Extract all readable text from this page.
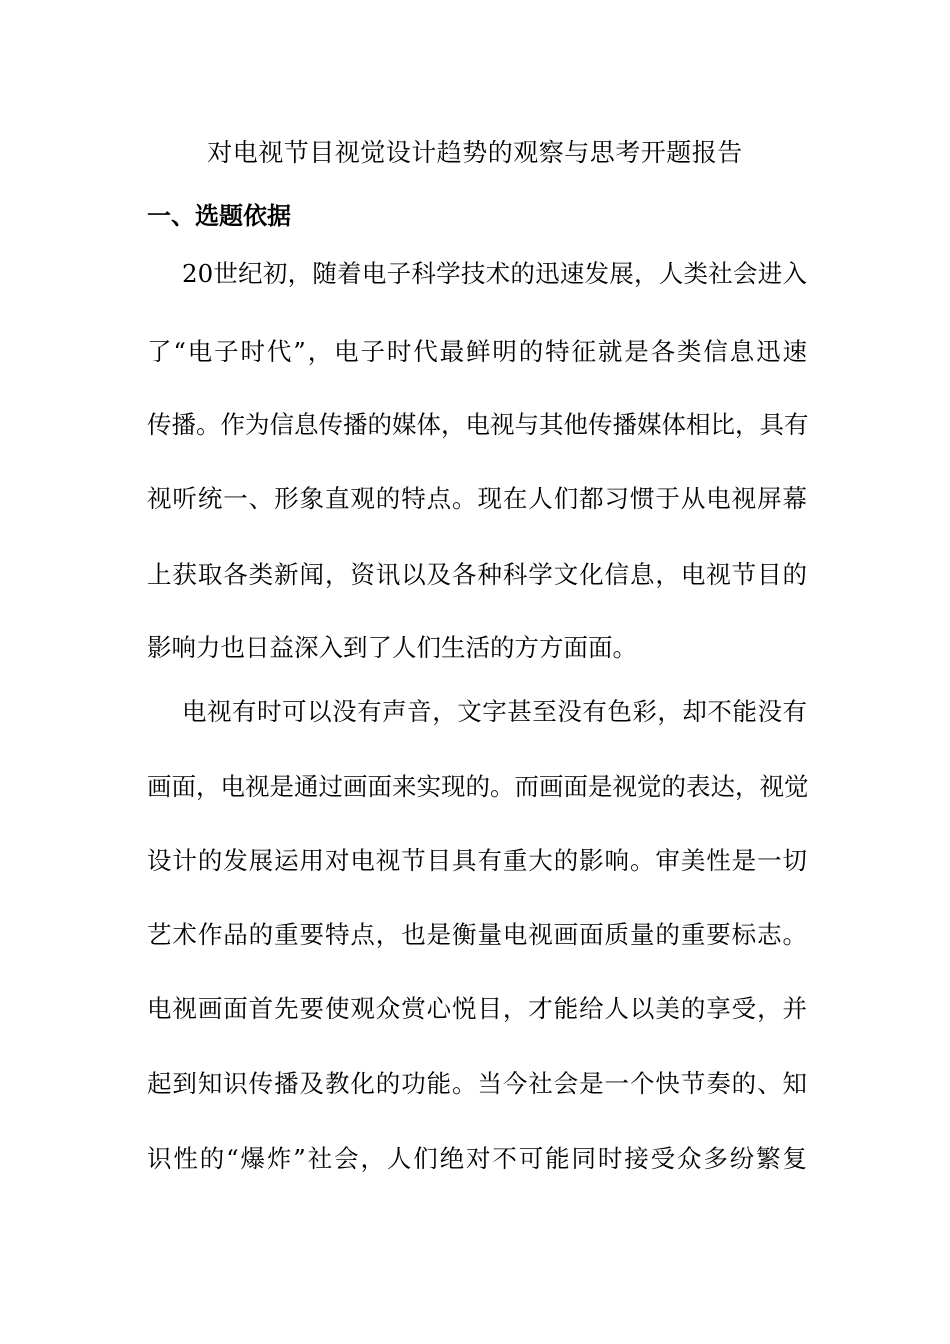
对电视节目视觉设计趋势的观察与思考开题报告
一、选题依据
20世纪初，随着电子科学技术的迅速发展，人类社会进入
了“电子时代”，电子时代最鲜明的特征就是各类信息迅速
传播。作为信息传播的媒体，电视与其他传播媒体相比，具有
视听统一、形象直观的特点。现在人们都习惯于从电视屏幕
上获取各类新闻，资讯以及各种科学文化信息，电视节目的
影响力也日益深入到了人们生活的方方面面。
电视有时可以没有声音，文字甚至没有色彩，却不能没有
画面，电视是通过画面来实现的。而画面是视觉的表达，视觉
设计的发展运用对电视节目具有重大的影响。审美性是一切
艺术作品的重要特点，也是衡量电视画面质量的重要标志。
电视画面首先要使观众赏心悦目，才能给人以美的享受，并
起到知识传播及教化的功能。当今社会是一个快节奏的、知
识性的“爆炸”社会，人们绝对不可能同时接受众多纷繁复
